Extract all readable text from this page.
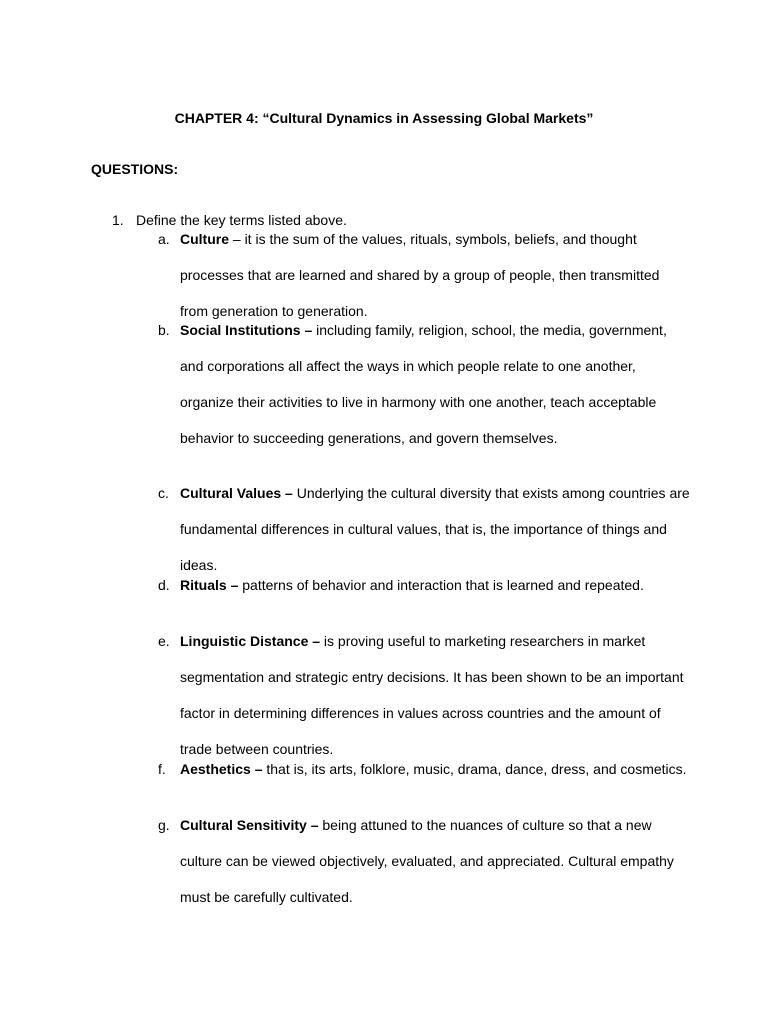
CHAPTER 4: “Cultural Dynamics in Assessing Global Markets”
QUESTIONS:
1. Define the key terms listed above.
a. Culture – it is the sum of the values, rituals, symbols, beliefs, and thought processes that are learned and shared by a group of people, then transmitted from generation to generation.
b. Social Institutions – including family, religion, school, the media, government, and corporations all affect the ways in which people relate to one another, organize their activities to live in harmony with one another, teach acceptable behavior to succeeding generations, and govern themselves.
c. Cultural Values – Underlying the cultural diversity that exists among countries are fundamental differences in cultural values, that is, the importance of things and ideas.
d. Rituals – patterns of behavior and interaction that is learned and repeated.
e. Linguistic Distance – is proving useful to marketing researchers in market segmentation and strategic entry decisions. It has been shown to be an important factor in determining differences in values across countries and the amount of trade between countries.
f. Aesthetics – that is, its arts, folklore, music, drama, dance, dress, and cosmetics.
g. Cultural Sensitivity – being attuned to the nuances of culture so that a new culture can be viewed objectively, evaluated, and appreciated. Cultural empathy must be carefully cultivated.
